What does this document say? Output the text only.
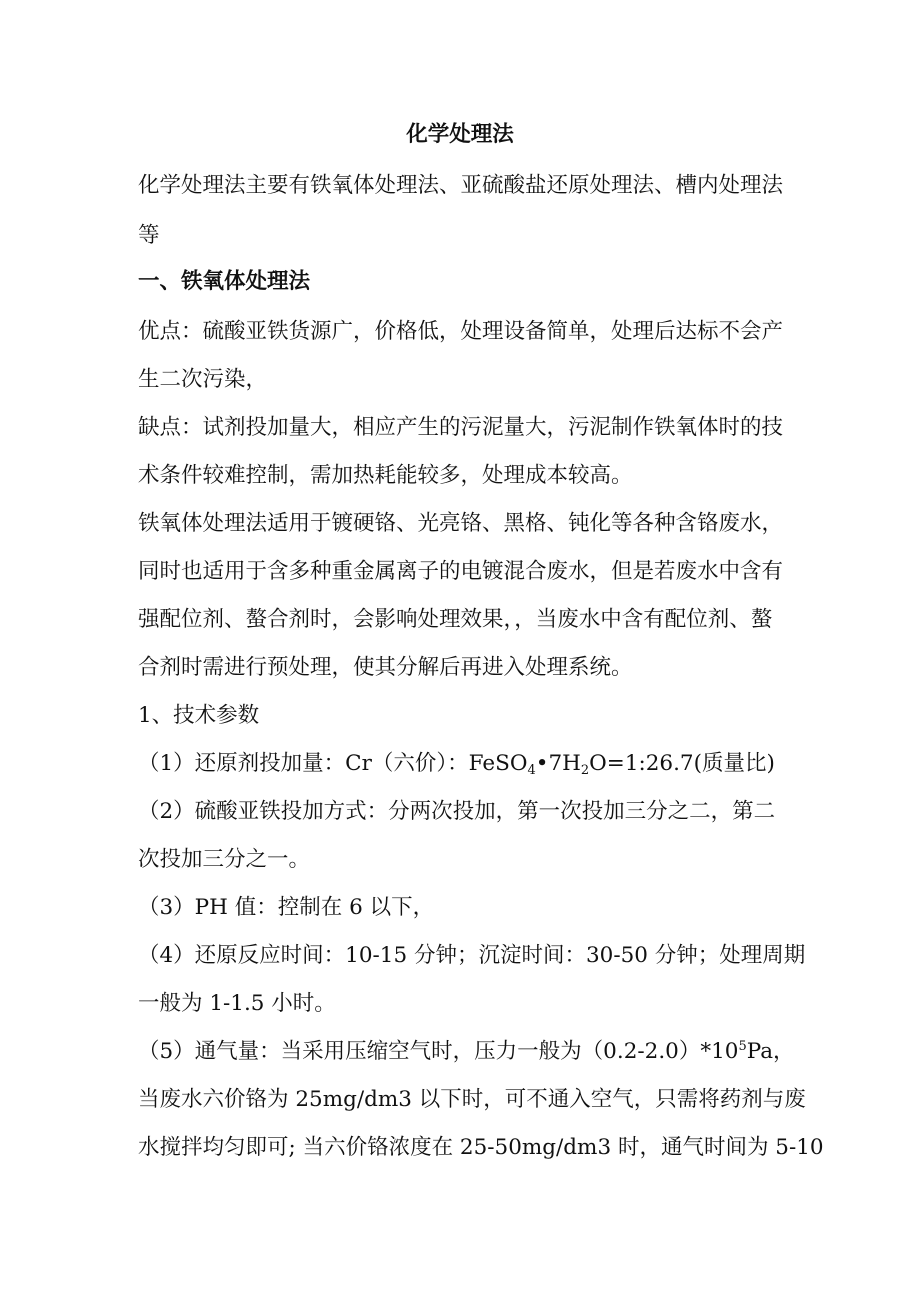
化学处理法
化学处理法主要有铁氧体处理法、亚硫酸盐还原处理法、槽内处理法
等
一、铁氧体处理法
优点：硫酸亚铁货源广，价格低，处理设备简单，处理后达标不会产
生二次污染，
缺点：试剂投加量大，相应产生的污泥量大，污泥制作铁氧体时的技
术条件较难控制，需加热耗能较多，处理成本较高。
铁氧体处理法适用于镀硬铬、光亮铬、黑格、钝化等各种含铬废水，
同时也适用于含多种重金属离子的电镀混合废水，但是若废水中含有
强配位剂、螯合剂时，会影响处理效果，，当废水中含有配位剂、螯
合剂时需进行预处理，使其分解后再进入处理系统。
1、技术参数
（1）还原剂投加量：Cr（六价）：$FeSO_4•7H_2O=1:26.7$(质量比)
（2）硫酸亚铁投加方式：分两次投加，第一次投加三分之二，第二
次投加三分之一。
（3）PH 值：控制在 6 以下，
（4）还原反应时间：10-15 分钟；沉淀时间：30-50 分钟；处理周期
一般为 1-1.5 小时。
（5）通气量：当采用压缩空气时，压力一般为$(0.2-2.0)*10^5Pa$，
当废水六价铬为 25mg/dm3 以下时，可不通入空气，只需将药剂与废
水搅拌均匀即可; 当六价铬浓度在 25-50mg/dm3 时，通气时间为 5-10
